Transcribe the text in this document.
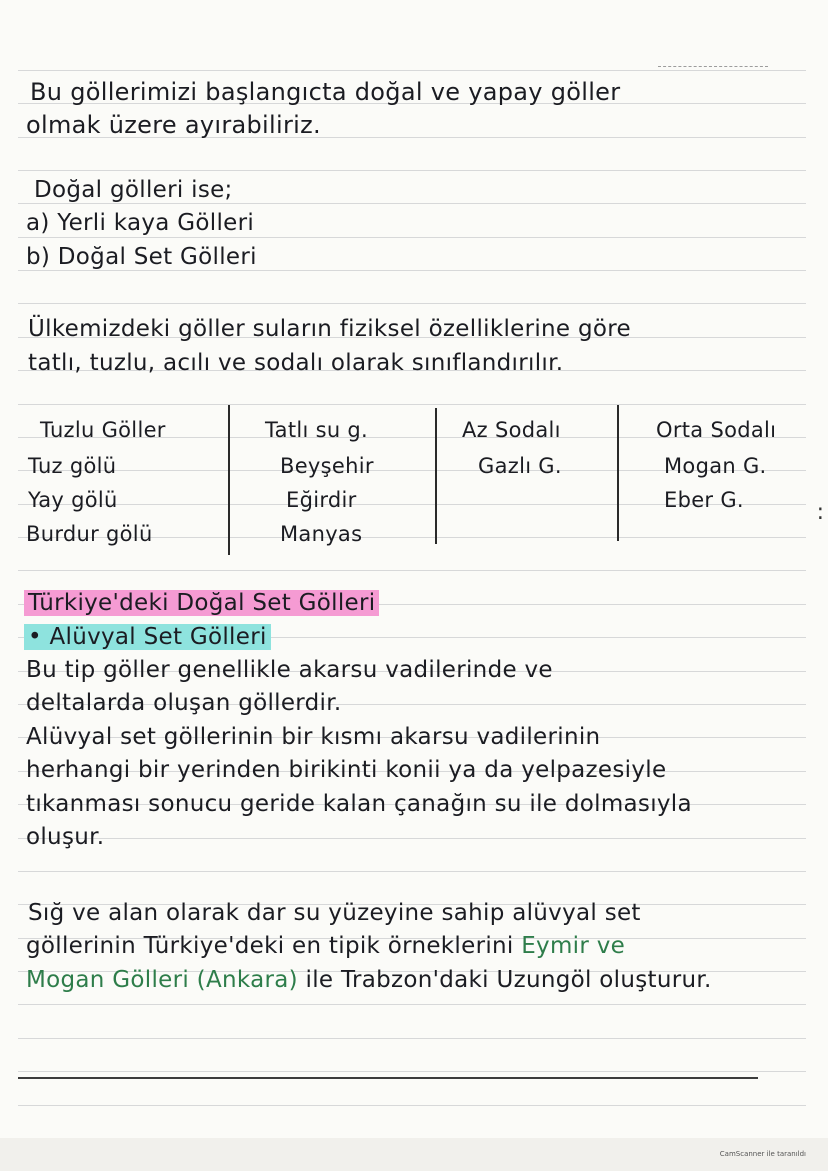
Bu göllerimizi başlangıcta doğal ve yapay göller
olmak üzere ayırabiliriz.
Doğal gölleri ise;
a) Yerli kaya Gölleri
b) Doğal Set Gölleri
Ülkemizdeki göller suların fiziksel özelliklerine göre
tatlı, tuzlu, acılı ve sodalı olarak sınıflandırılır.
Tuzlu Göller
Tuz gölü
Yay gölü
Burdur gölü
Tatlı su g.
Beyşehir
Eğirdir
Manyas
Az Sodalı
Gazlı G.
Orta Sodalı
Mogan G.
Eber G.
Türkiye'deki Doğal Set Gölleri
• Alüvyal Set Gölleri
Bu tip göller genellikle akarsu vadilerinde ve
deltalarda oluşan göllerdir.
Alüvyal set göllerinin bir kısmı akarsu vadilerinin
herhangi bir yerinden birikinti konii ya da yelpazesiyle
tıkanması sonucu geride kalan çanağın su ile dolmasıyla
oluşur.
Sığ ve alan olarak dar su yüzeyine sahip alüvyal set
göllerinin Türkiye'deki en tipik örneklerini Eymir ve
Mogan Gölleri (Ankara) ile Trabzon'daki Uzungöl oluşturur.
:
CamScanner ile taranıldı
